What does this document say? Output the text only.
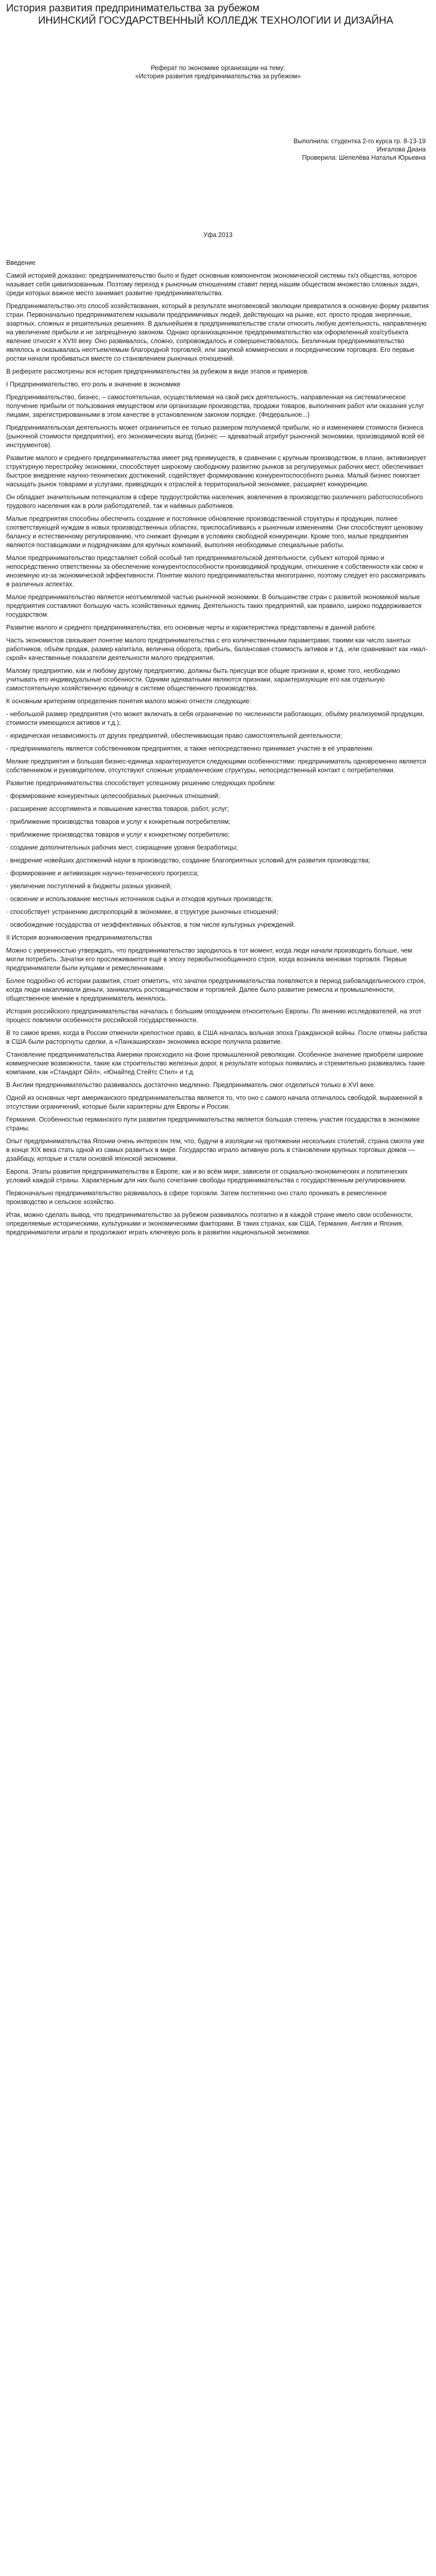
История развития предпринимательства за рубежом
ИНИНСКИЙ ГОСУДАРСТВЕННЫЙ КОЛЛЕДЖ ТЕХНОЛОГИИ И ДИЗАЙНА

Реферат по экономике организации на тему:

«История развития предпринимательства за рубежом»

Выполнила: студентка 2-го курса гр. 8-13-19

Ингалова Диана

Проверила: Шепелёва Наталья Юрьевна

Уфа 2013

Введение

Самой историей доказано: предпринимательство было и будет основным компонентом экономической системы тх/з общества, которое называет себя цивилизованным. Поэтому переход к рыночным отношениям ставит перед нашим обществом множество сложных задач, среди которых важное место занимает развитие предпринимательства.

Предпринимательство-это способ хозяйствования, который в результате многовековой эволюции превратился в основную форму развития стран. Первоначально предпринимателем называли предприимчивых людей, действующих на рынке, кот. просто продав энергичные, азартных, сложных и решительных решениях. В дальнейшем в предпринимательстве стали относить любую деятельность, направленную на увеличение прибыли и не запрещённую законом. Однако организационное предпринимательство как оформленный хоз/субъекта явление относят к XVIII веку. Оно развивалось, сложно, сопровождалось и совершенствовалось. Безличным предпринимательство являлось и оказывалась неотъемлемым благородной торговлей, или закупкой коммерческих и посредническим торговцев. Его первые ростки начали пробиваться вместе со становлением рыночных отношений.

В реферате рассмотрены вся история предпринимательства за рубежом в виде этапов и примеров.

I Предпринимательство, его роль и значение в экономике

Предпринимательство, бизнес, – самостоятельная, осуществляемая на свой риск деятельность, направленная на систематическое получение прибыли от пользования имуществом или организации производства, продажи товаров, выполнения работ или оказания услуг лицами, зарегистрированными в этом качестве в установленном законом порядке. (Федеральное...)

Предпринимательская деятельность может ограничиться ее только размером получаемой прибыли, но и изменением стоимости бизнеса (рыночной стоимости предприятия), его экономических выгод (бизнес — адекватный атрибут рыночной экономики, производимой всей её инструментов).

Развитие малого и среднего предпринимательства имеет ряд преимуществ, в сравнении с крупным производством, в плане, активизирует структурную перестройку экономики, способствует широкому свободному развитию рынков за регулируемых рабочих мест, обеспечивает быстрое внедрение научно-технических достижений, содействует формированию конкурентоспособного рынка. Малый бизнес помогает насыщать рынок товарами и услугами, приводящих к отраслей в территориальной экономике, расширяет конкуренцию.

Он обладает значительным потенциалом в сфере трудоустройства населения, вовлечения в производство различного работоспособного трудового населения как в роли работодателей, так и наёмных работников.

Малые предприятия способны обеспечить создание и постоянное обновление производственной структуры и продукции, полнее соответствующей нуждам в новых производственных областях, приспосабливаясь к рыночным изменениям. Они способствуют ценовому балансу и естественному регулированию, что снижает функции в условиях свободной конкуренции. Кроме того, малые предприятия являются поставщиками и подрядчиками для крупных компаний, выполняя необходимые специальные работы.

Малое предпринимательство представляет собой особый тип предпринимательской деятельности, субъект которой прямо и непосредственно ответственны за обеспечение конкурентоспособности производимой продукции, отношение к собственности как свою и иноземную из-за экономической эффективности. Понятие малого предпринимательства многогранно, поэтому следует его рассматривать в различных аспектах.

Малое предпринимательство является неотъемлемой частью рыночной экономики. В большинстве стран с развитой экономикой малые предприятия составляют большую часть хозяйственных единиц. Деятельность таких предприятий, как правило, широко поддерживается государством.

Развитие малого и среднего предпринимательства, его основные черты и характеристика представлены в данной работе.

Часть экономистов связывает понятие малого предпринимательства с его количественными параметрами, такими как число занятых работников, объём продаж, размер капитала, величина оборота, прибыль, балансовая стоимость активов и т.д., или сравнивают как «мал-скрой» качественные показатели деятельности малого предприятия.

Малому предприятию, как и любому другому предприятию, должны быть присущи все общие признаки и, кроме того, необходимо учитывать его индивидуальные особенности. Одними адекватными являются признаки, характеризующие его как отдельную самостоятельную хозяйственную единицу в системе общественного производства.

К основным критериям определения понятия малого можно отнести следующие:

- небольшой размер предприятия (что может включать в себя ограничение по численности работающих, объёму реализуемой продукции, стоимости имеющихся активов и т.д.);

- юридическая независимость от других предприятий, обеспечивающая право самостоятельной деятельности;

- предприниматель является собственником предприятия, а также непосредственно принимает участие в её управлении.

Мелкие предприятия и большая бизнес-единица характеризуется следующими особенностями: предприниматель одновременно является собственником и руководителем, отсутствуют сложные управленческие структуры, непосредственный контакт с потребителями.

Развитие предпринимательства способствует успешному решению следующих проблем:

· формирование конкурентных целесообразных рыночных отношений;

· расширение ассортимента и повышение качества товаров, работ, услуг;

· приближение производства товаров и услуг к конкретным потребителям;

· приближение производства товаров и услуг к конкретному потребителю;

· создание дополнительных рабочих мест, сокращение уровня безработицы;

· внедрение новейших достижений науки в производство, создание благоприятных условий для развития производства;

· формирование и активизация научно-технического прогресса;

· увеличение поступлений в бюджеты разных уровней;

· освоение и использование местных источников сырья и отходов крупных производств;

· способствует устранению диспропорций в экономике, в структуре рыночных отношений;

· освобождение государства от неэффективных объектов, в том числе культурных учреждений.

II История возникновения предпринимательства

Можно с уверенностью утверждать, что предпринимательство зародилось в тот момент, когда люди начали производить больше, чем могли потребить. Зачатки его прослеживаются ещё в эпоху первобытнообщинного строя, когда возникла меновая торговля. Первые предприниматели были купцами и ремесленниками.

Более подробно об истории развития, стоит отметить, что зачатки предпринимательства появляются в период рабовладельческого строя, когда люди накапливали деньги, занимались ростовщичеством и торговлей. Далее было развитие ремесла и промышленности, общественное мнение к предприниматель менялось.

История российского предпринимательства началась с большим опозданием относительно Европы. По мнению исследователей, на этот процесс повлияли особенности российской государственности.

В то самое время, когда в России отменили крепостное право, в США началась вольная эпоха Гражданской войны. После отмены рабства в США были расторгнуты сделки, а «Ланкаширская» экономика вскоре получила развитие.

Становление предпринимательства Америки происходило на фоне промышленной революции. Особенное значение приобрели широкие коммерческие возможности, такие как строительство железных дорог, в результате которых появились и стремительно развивались такие компании, как «Стандарт Ойл», «Юнайтед Стейтс Стил» и т.д.

В Англии предпринимательство развивалось достаточно медленно. Предприниматель смог отделиться только в XVI веке.

Одной из основных черт американского предпринимательства является то, что оно с самого начала отличалось свободой, выраженной в отсутствии ограничений, которые были характерны для Европы и России.

Германия. Особенностью германского пути развития предпринимательства является большая степень участия государства в экономике страны.

Опыт предпринимательства Японии очень интересен тем, что, будучи в изоляции на протяжении нескольких столетий, страна смогла уже в конце XIX века стать одной из самых развитых в мире. Государство играло активную роль в становлении крупных торговых домов — дзайбацу, которые и стали основой японской экономики.

Европа. Этапы развития предпринимательства в Европе, как и во всём мире, зависели от социально-экономических и политических условий каждой страны. Характерным для них было сочетание свободы предпринимательства с государственным регулированием.

Первоначально предпринимательство развивалось в сфере торговли. Затем постепенно оно стало проникать в ремесленное производство и сельское хозяйство.

Итак, можно сделать вывод, что предпринимательство за рубежом развивалось поэтапно и в каждой стране имело свои особенности, определяемые историческими, культурными и экономическими факторами. В таких странах, как США, Германия, Англия и Япония, предприниматели играли и продолжают играть ключевую роль в развитии национальной экономики.
